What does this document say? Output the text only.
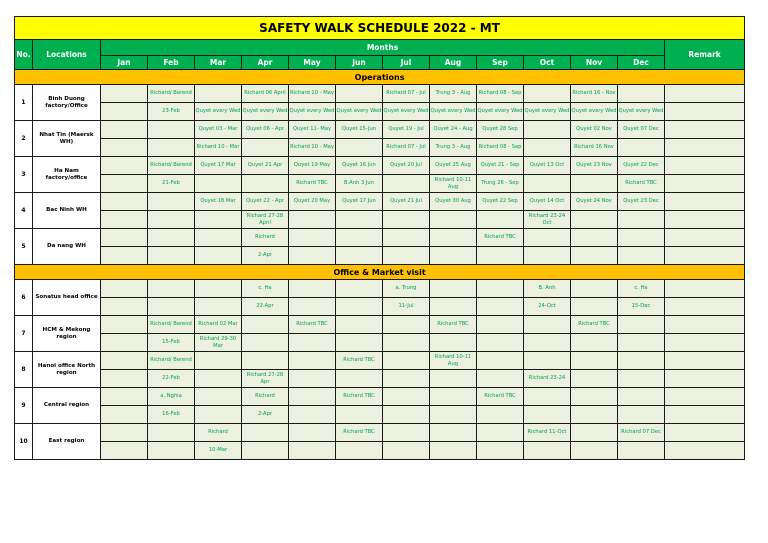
SAFETY WALK SCHEDULE 2022 - MT														
No.	Locations	Months												Remark
		Jan	Feb	Mar	Apr	May	Jun	Jul	Aug	Sep	Oct	Nov	Dec	
Operations														
1	Binh Duong factory/Office		Richard/ Berend		Richard 06 April	Richard 10 - May		Richard 07 - Jul	Trung 3 - Aug	Richard 08 - Sep		Richard 16 - Nov		
			23-Feb	Quyet every Wed	Quyet every Wed	Quyet every Wed	Quyet every Wed	Quyet every Wed	Quyet every Wed	Quyet every Wed	Quyet every Wed	Quyet every Wed	Quyet every Wed	
2	Nhat Tin (Maersk WH)			Quyet 03 - Mar	Quyet 06 - Apr	Quyet 11- May	Quyet 15-Jun	Quyet 19 - Jul	Quyet 24 - Aug	Quyet 28 Sep		Quyet 02 Nov	Quyet 07 Dec	
				Richard 10 - Mar		Richard 10 - May		Richard 07 - Jul	Trung 3 - Aug	Richard 08 - Sep		Richard 16 Nov		
3	Ha Nam factory/office		Richard/ Berend	Quyet 17 Mar	Quyet 21 Apr	Quyet 19 May	Quyet 16 Jun	Quyet 20 Jul	Quyet 25 Aug	Quyet 21 - Sep	Quyet 13 Oct	Quyet 23 Nov	Quyet 22 Dec	
			21-Feb			Richard TBC	B.Anh 3 Jun		Richard 10-11 Aug	Trung 26 - Sep			Richard TBC	
4	Bac Ninh WH			Quyet 18 Mar	Quyet 22 - Apr	Quyet 20 May	Quyet 17 Jun	Quyet 21 Jul	Quyet 30 Aug	Quyet 22 Sep	Quyet 14 Oct	Quyet 24 Nov	Quyet 23 Dec	
					Richard 27-28 April						Richard 23-24 Oct			
5	Da nang WH				Richard					Richard TBC				
					2-Apr									
Office & Market visit														
6	Sonatus head office				c. Ha			a. Trung			B. Anh		c. Ha	
					22-Apr			11-Jul			24-Oct		15-Dec	
7	HCM & Mekong region		Richard/ Berend	Richard 02 Mar		Richard TBC			Richard TBC			Richard TBC		
			15-Feb	Richard 29-30 Mar										
8	Hanoi office North region		Richard/ Berend				Richard TBC		Richard 10-11 Aug					
			22-Feb		Richard 27-28 Apr						Richard 23-24			
9	Central region		a. Nghia		Richard		Richard TBC			Richard TBC				
			16-Feb		2-Apr									
10	East region			Richard			Richard TBC				Richard 11-Oct		Richard 07 Dec	
				10-Mar										
